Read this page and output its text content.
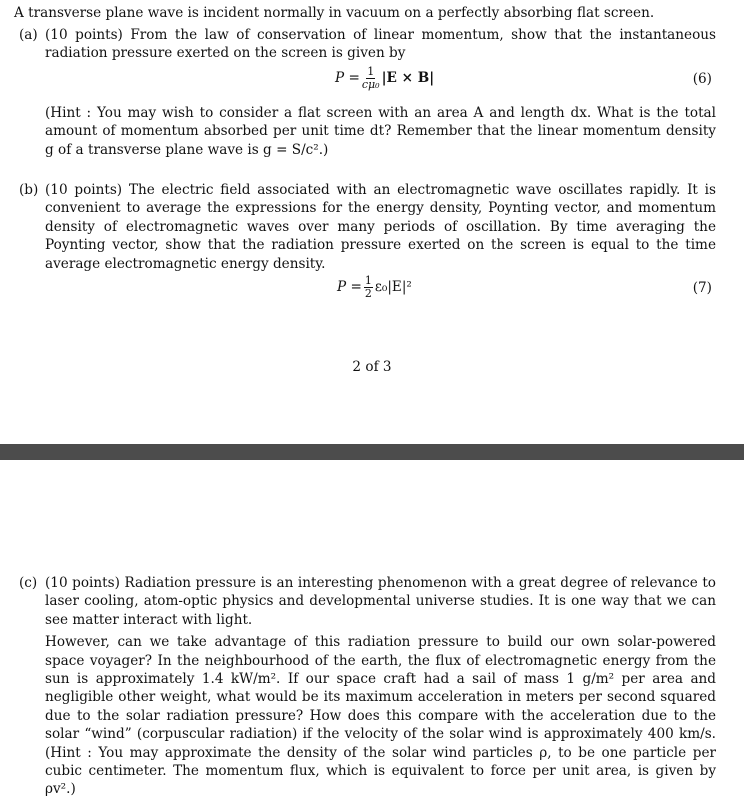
A transverse plane wave is incident normally in vacuum on a perfectly absorbing flat screen.
(a) (10 points) From the law of conservation of linear momentum, show that the instantaneous radiation pressure exerted on the screen is given by

$P = \frac{1}{\text{cμ₀}} |E \times B|$	(6)

(Hint : You may wish to consider a flat screen with an area A and length dx. What is the total amount of momentum absorbed per unit time dt? Remember that the linear momentum density g of a transverse plane wave is g = S/c².)

(b) (10 points) The electric field associated with an electromagnetic wave oscillates rapidly. It is convenient to average the expressions for the energy density, Poynting vector, and momentum density of electromagnetic waves over many periods of oscillation. By time averaging the Poynting vector, show that the radiation pressure exerted on the screen is equal to the time average electromagnetic energy density.

$P = \frac{1}{2} \varepsilon_0|E|^2$	(7)
2 of 3
(c) (10 points) Radiation pressure is an interesting phenomenon with a great degree of relevance to laser cooling, atom-optic physics and developmental universe studies. It is one way that we can see matter interact with light.

However, can we take advantage of this radiation pressure to build our own solar-powered space voyager? In the neighbourhood of the earth, the flux of electromagnetic energy from the sun is approximately 1.4 kW/m². If our space craft had a sail of mass 1 g/m² per area and negligible other weight, what would be its maximum acceleration in meters per second squared due to the solar radiation pressure? How does this compare with the acceleration due to the solar “wind” (corpuscular radiation) if the velocity of the solar wind is approximately 400 km/s. (Hint : You may approximate the density of the solar wind particles ρ, to be one particle per cubic centimeter. The momentum flux, which is equivalent to force per unit area, is given by ρv².)
